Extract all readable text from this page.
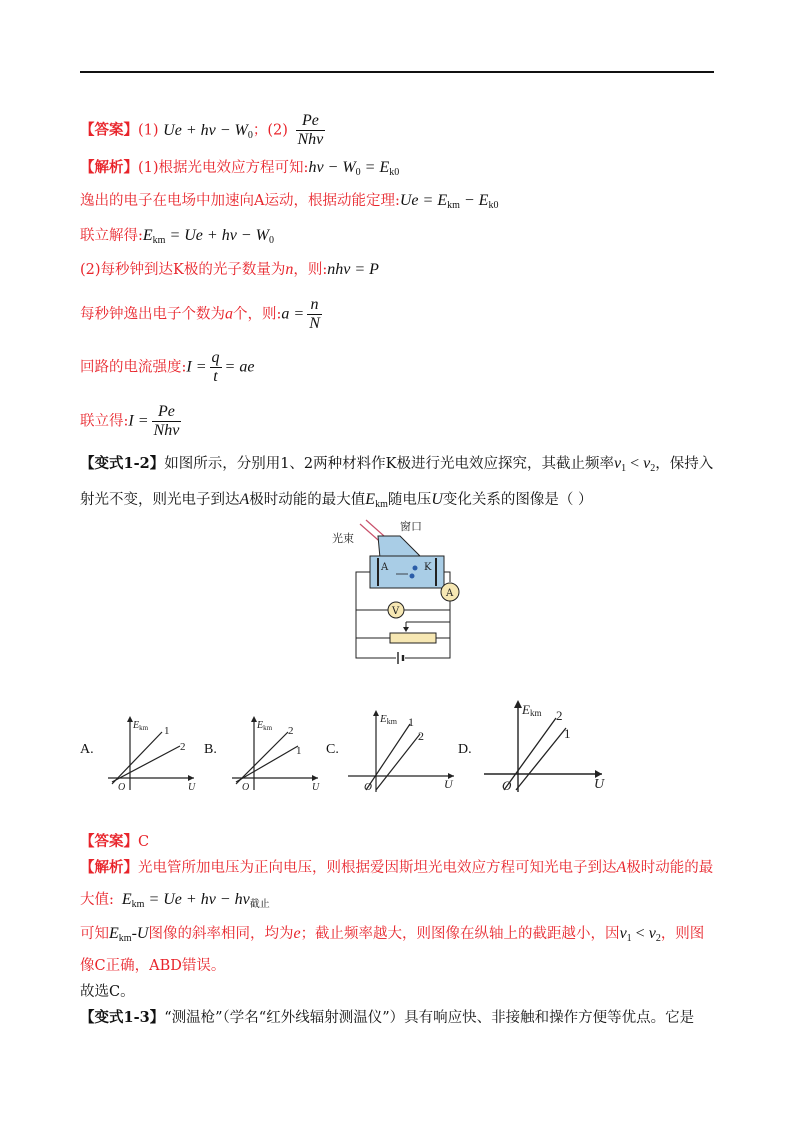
【答案】(1) $Ue + h\nu - W_0$；$(2) \frac{Pe}{\text{Nhν}}$
【解析】(1)根据光电效应方程可知:hν − $W_0 = E_{k0}$
逸出的电子在电场中加速向A运动，根据动能定理:Ue = $E_{km} - E_{k0}$
联立解得$:E_{km} = Ue + h\nu - W_0$
(2)每秒钟到达K极的光子数量为n，则:nhν = P
每秒钟逸出电子个数为a个，则:a = $\frac{n}{N}$
回路的电流强度:I = $\frac{q}{t}$ = ae
联立得:I = $\frac{Pe}{\text{Nhν}}$
【变式1-2】如图所示，分别用1、2两种材料作K极进行光电效应探究，其截止频率$\nu_1 < \nu_2$，保持入
射光不变，则光电子到达A极时动能的最大值$E_{km}$随电压U变化关系的图像是（ ）
光束
窗口
A	K
A
V
A.
$E_{km}$ 1
2
O	U
B.
$E_{km}$ 2
1
O	U
C.
Ekm 1
2
O	U
D.
Ekm 2
1
O	U
【答案】C
【解析】光电管所加电压为正向电压，则根据爱因斯坦光电效应方程可知光电子到达A极时动能的最
大值: $E_{km} = Ue + h\nu - h\nu_{截止}$
可知$E_{km}-U$图像的斜率相同，均为e；截止频率越大，则图像在纵轴上的截距越小，因$\nu_1 < \nu_2$，则图
像C正确，ABD错误。
故选C。
【变式1-3】“测温枪”（学名“红外线辐射测温仪”）具有响应快、非接触和操作方便等优点。它是
